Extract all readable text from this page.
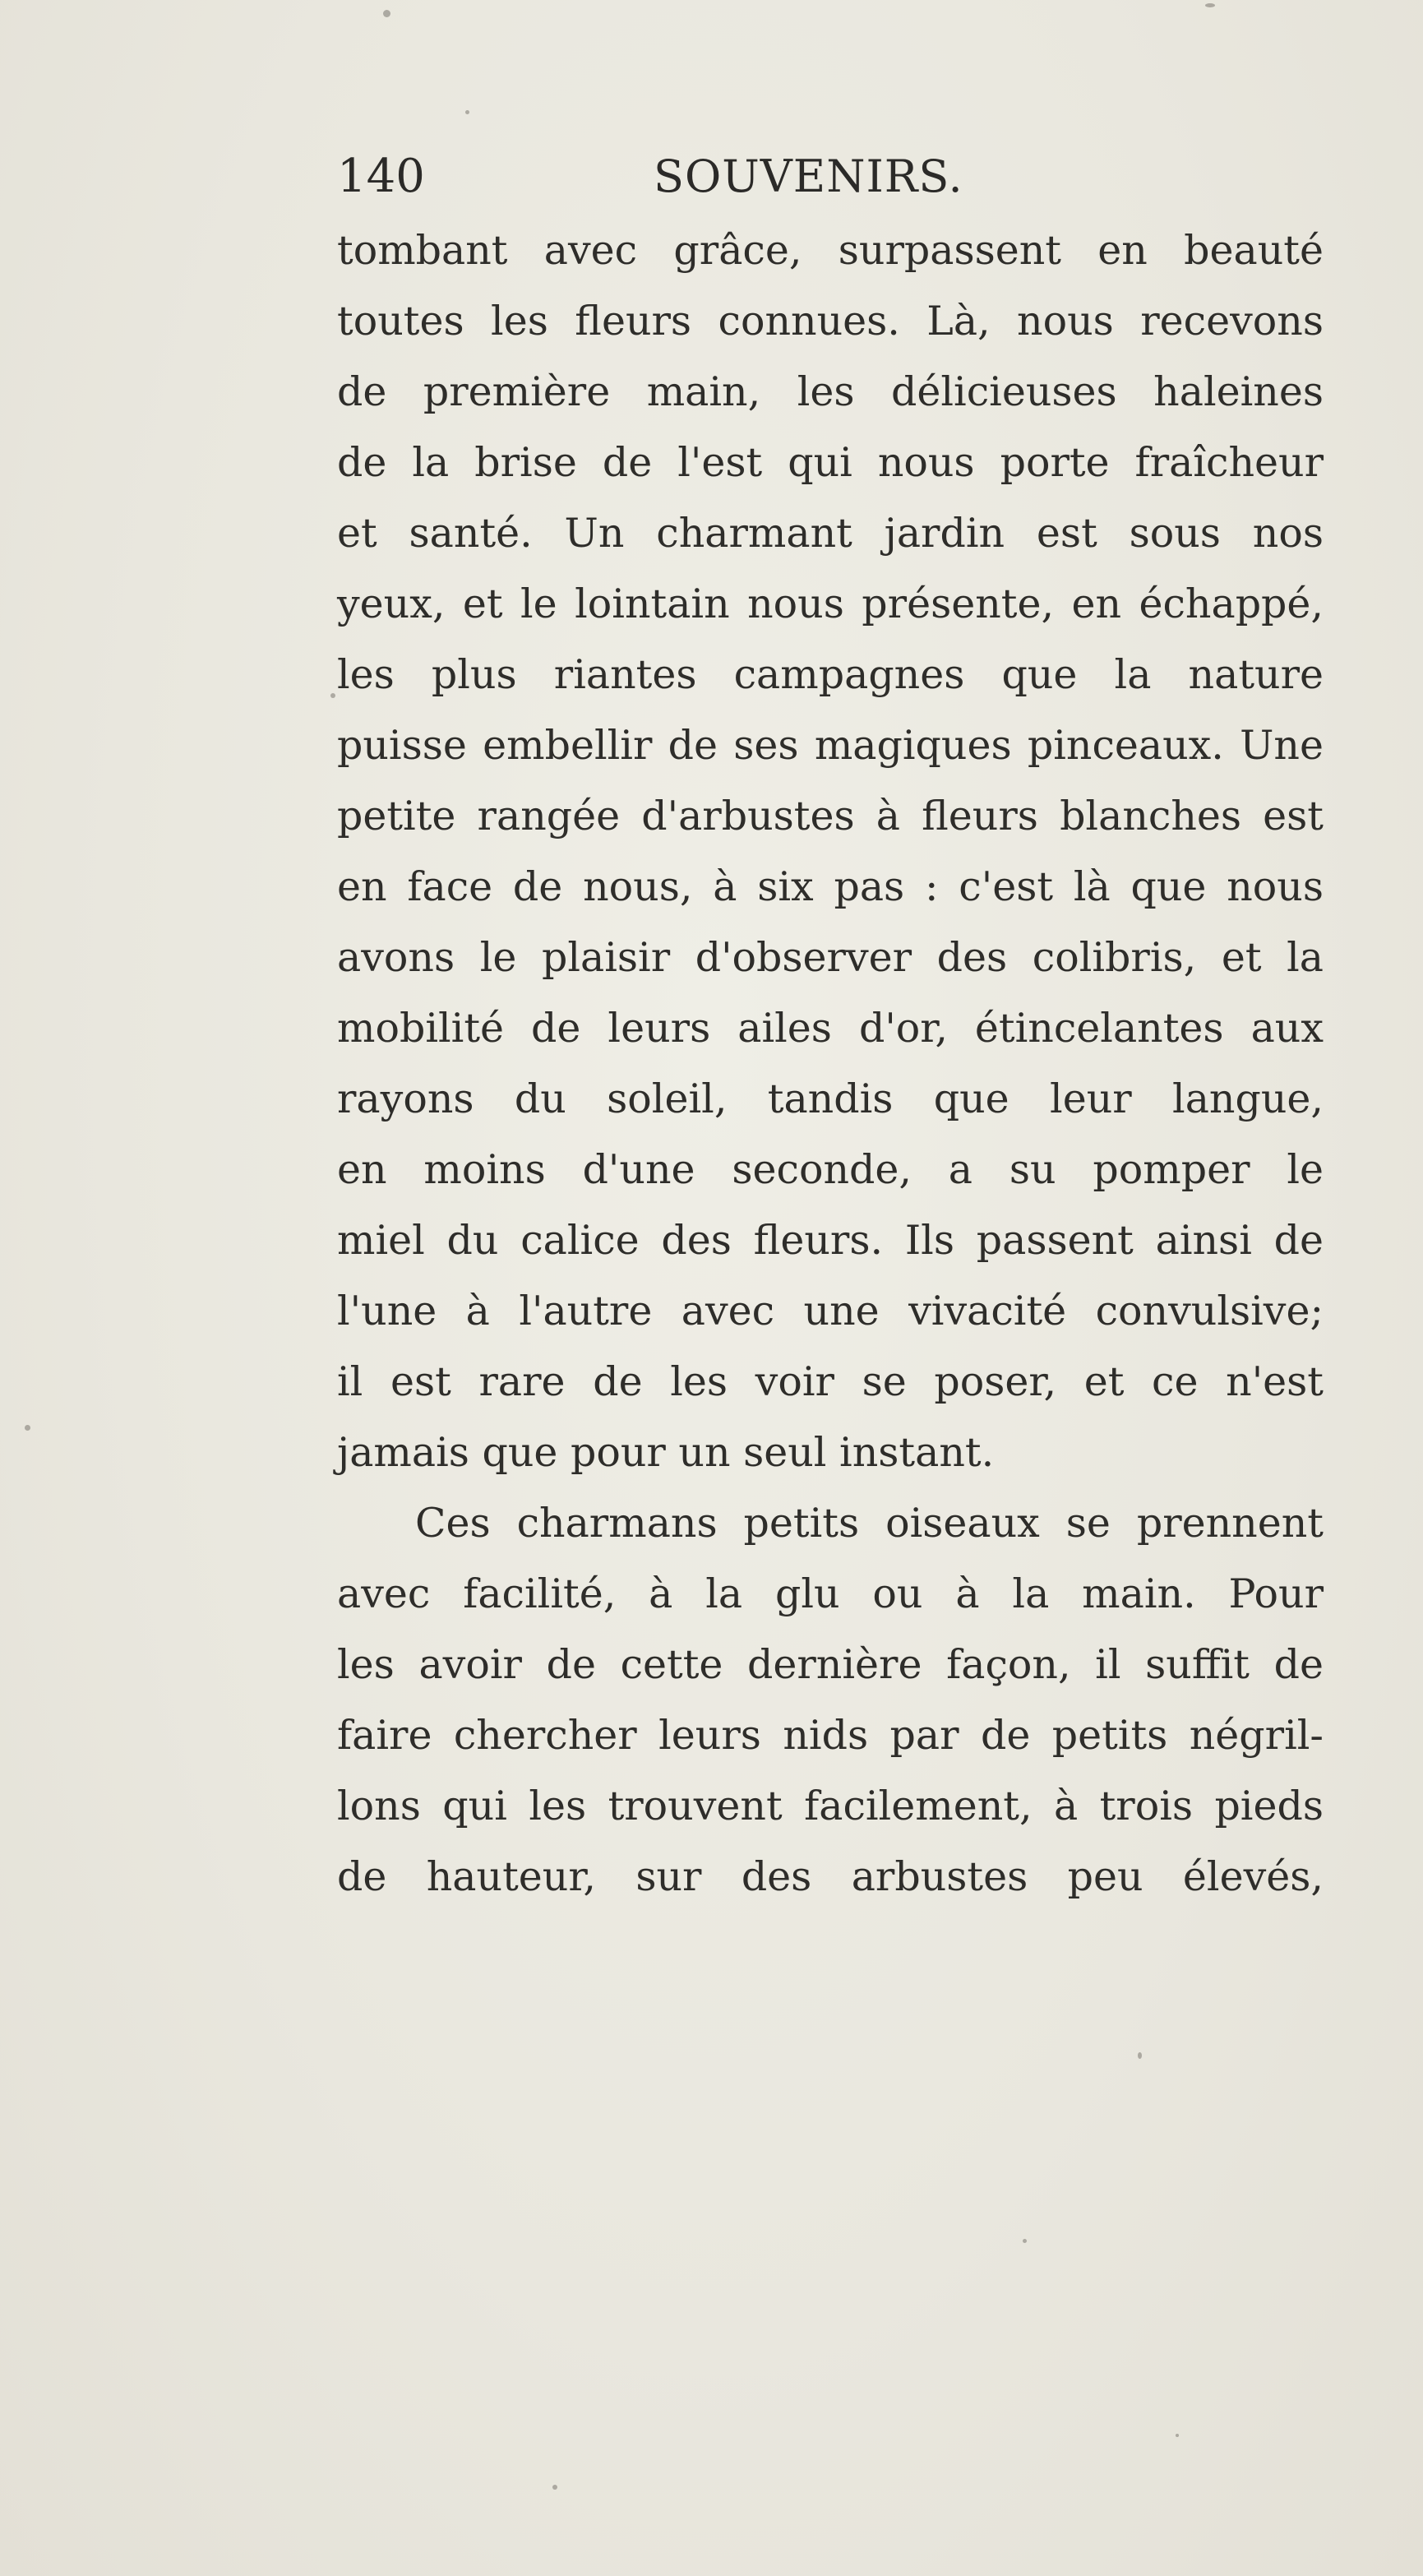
140	SOUVENIRS.
tombant avec grâce, surpassent en beauté
toutes les fleurs connues. Là, nous recevons
de première main, les délicieuses haleines
de la brise de l'est qui nous porte fraîcheur
et santé. Un charmant jardin est sous nos
yeux, et le lointain nous présente, en échappé,
les plus riantes campagnes que la nature
puisse embellir de ses magiques pinceaux. Une
petite rangée d'arbustes à fleurs blanches est
en face de nous, à six pas : c'est là que nous
avons le plaisir d'observer des colibris, et la
mobilité de leurs ailes d'or, étincelantes aux
rayons du soleil, tandis que leur langue,
en moins d'une seconde, a su pomper le
miel du calice des fleurs. Ils passent ainsi de
l'une à l'autre avec une vivacité convulsive;
il est rare de les voir se poser, et ce n'est
jamais que pour un seul instant.
Ces charmans petits oiseaux se prennent
avec facilité, à la glu ou à la main. Pour
les avoir de cette dernière façon, il suffit de
faire chercher leurs nids par de petits négril-
lons qui les trouvent facilement, à trois pieds
de hauteur, sur des arbustes peu élevés,
